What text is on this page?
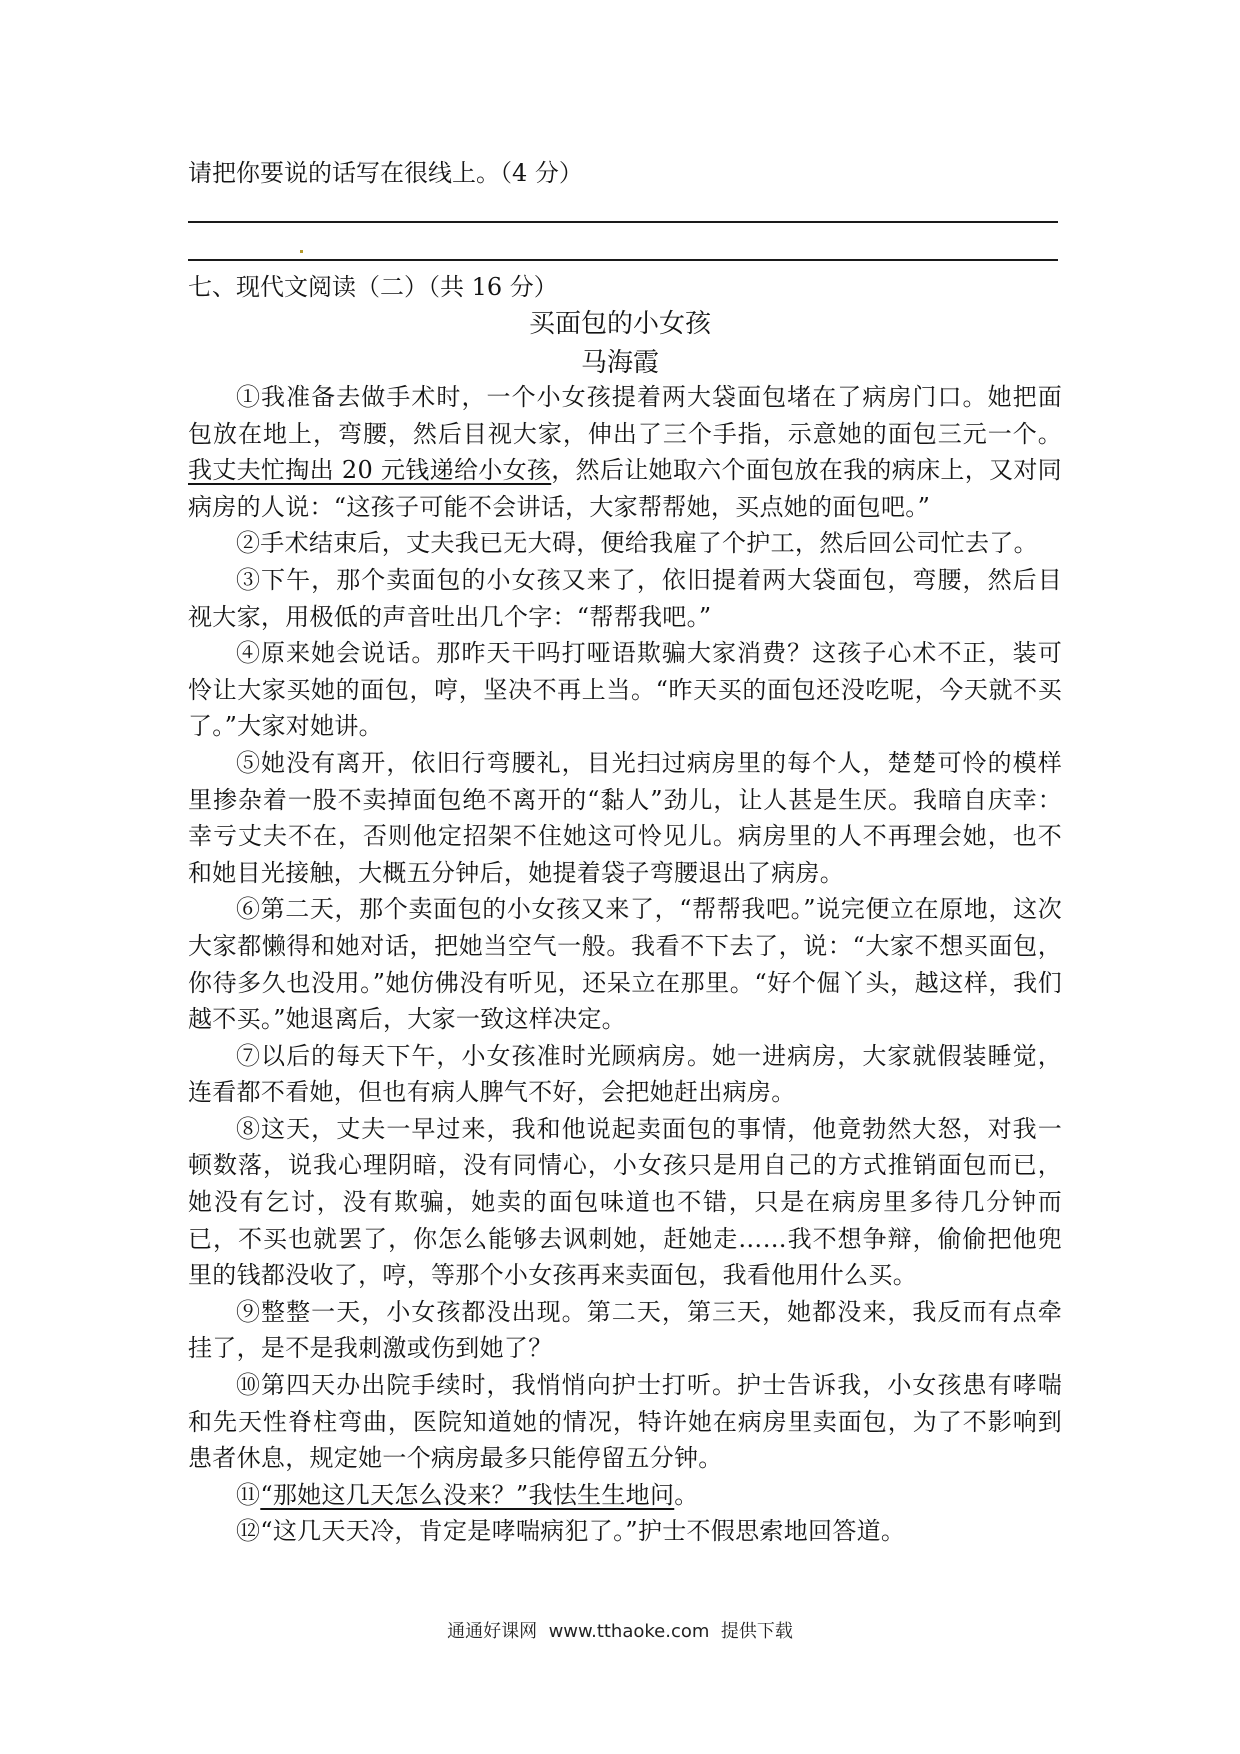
请把你要说的话写在很线上。（4 分）
七、现代文阅读（二）（共 16 分）
买面包的小女孩
马海霞

①我准备去做手术时，一个小女孩提着两大袋面包堵在了病房门口。她把面包放在地上，弯腰，然后目视大家，伸出了三个手指，示意她的面包三元一个。我丈夫忙掏出 20 元钱递给小女孩，然后让她取六个面包放在我的病床上，又对同病房的人说：“这孩子可能不会讲话，大家帮帮她，买点她的面包吧。”

②手术结束后，丈夫我已无大碍，便给我雇了个护工，然后回公司忙去了。

③下午，那个卖面包的小女孩又来了，依旧提着两大袋面包，弯腰，然后目视大家，用极低的声音吐出几个字：“帮帮我吧。”

④原来她会说话。那昨天干吗打哑语欺骗大家消费？这孩子心术不正，装可怜让大家买她的面包，哼，坚决不再上当。“昨天买的面包还没吃呢，今天就不买了。”大家对她讲。

⑤她没有离开，依旧行弯腰礼，目光扫过病房里的每个人，楚楚可怜的模样里掺杂着一股不卖掉面包绝不离开的“黏人”劲儿，让人甚是生厌。我暗自庆幸：幸亏丈夫不在，否则他定招架不住她这可怜见儿。病房里的人不再理会她，也不和她目光接触，大概五分钟后，她提着袋子弯腰退出了病房。

⑥第二天，那个卖面包的小女孩又来了，“帮帮我吧。”说完便立在原地，这次大家都懒得和她对话，把她当空气一般。我看不下去了，说：“大家不想买面包，你待多久也没用。”她仿佛没有听见，还呆立在那里。“好个倔丫头，越这样，我们越不买。”她退离后，大家一致这样决定。

⑦以后的每天下午，小女孩准时光顾病房。她一进病房，大家就假装睡觉，连看都不看她，但也有病人脾气不好，会把她赶出病房。

⑧这天，丈夫一早过来，我和他说起卖面包的事情，他竟勃然大怒，对我一顿数落，说我心理阴暗，没有同情心，小女孩只是用自己的方式推销面包而已，她没有乞讨，没有欺骗，她卖的面包味道也不错，只是在病房里多待几分钟而已，不买也就罢了，你怎么能够去讽刺她，赶她走……我不想争辩，偷偷把他兜里的钱都没收了，哼，等那个小女孩再来卖面包，我看他用什么买。

⑨整整一天，小女孩都没出现。第二天，第三天，她都没来，我反而有点牵挂了，是不是我刺激或伤到她了？

⑩第四天办出院手续时，我悄悄向护士打听。护士告诉我，小女孩患有哮喘和先天性脊柱弯曲，医院知道她的情况，特许她在病房里卖面包，为了不影响到患者休息，规定她一个病房最多只能停留五分钟。

⑪“那她这几天怎么没来？”我怯生生地问。

⑫“这几天天冷，肯定是哮喘病犯了。”护士不假思索地回答道。

通通好课网  www.tthaoke.com  提供下载
